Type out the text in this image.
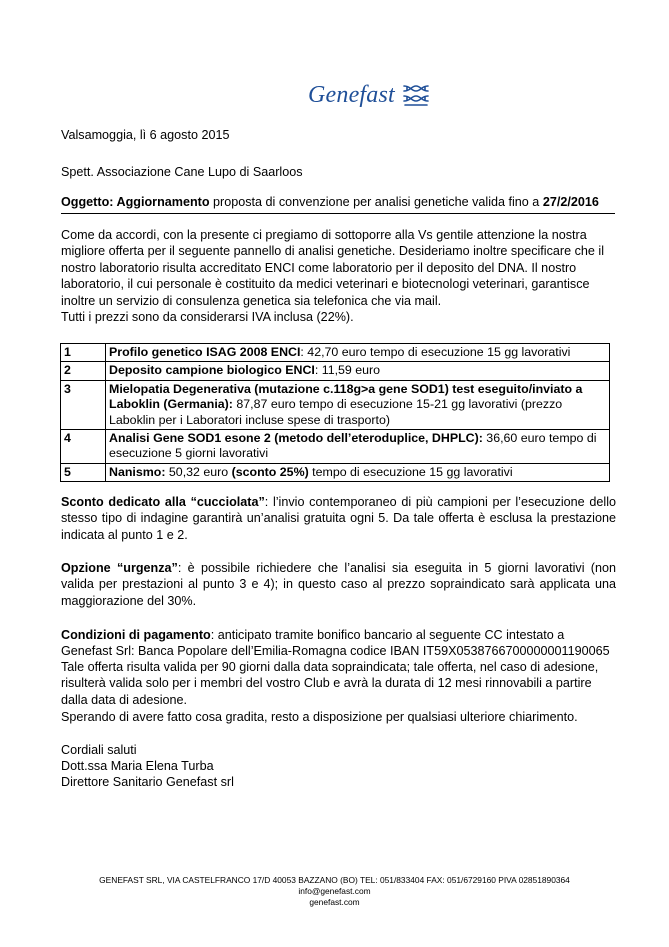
Genefast
Valsamoggia, lì 6 agosto 2015
Spett. Associazione Cane Lupo di Saarloos
Oggetto: Aggiornamento proposta di convenzione per analisi genetiche valida fino a 27/2/2016
Come da accordi, con la presente ci pregiamo di sottoporre alla Vs gentile attenzione la nostra migliore offerta per il seguente pannello di analisi genetiche. Desideriamo inoltre specificare che il nostro laboratorio risulta accreditato ENCI come laboratorio per il deposito del DNA. Il nostro laboratorio, il cui personale è costituito da medici veterinari e biotecnologi veterinari, garantisce inoltre un servizio di consulenza genetica sia telefonica che via mail.
Tutti i prezzi sono da considerarsi IVA inclusa (22%).
1	Profilo genetico ISAG 2008 ENCI: 42,70 euro tempo di esecuzione 15 gg lavorativi
2	Deposito campione biologico ENCI: 11,59 euro
3	Mielopatia Degenerativa (mutazione c.118g>a gene SOD1) test eseguito/inviato a Laboklin (Germania): 87,87 euro tempo di esecuzione 15-21 gg lavorativi (prezzo Laboklin per i Laboratori incluse spese di trasporto)
4	Analisi Gene SOD1 esone 2 (metodo dell’eteroduplice, DHPLC): 36,60 euro tempo di esecuzione 5 giorni lavorativi
5	Nanismo: 50,32 euro (sconto 25%) tempo di esecuzione 15 gg lavorativi
Sconto dedicato alla “cucciolata”: l’invio contemporaneo di più campioni per l’esecuzione dello stesso tipo di indagine garantirà un’analisi gratuita ogni 5. Da tale offerta è esclusa la prestazione indicata al punto 1 e 2.
Opzione “urgenza”: è possibile richiedere che l’analisi sia eseguita in 5 giorni lavorativi (non valida per prestazioni al punto 3 e 4); in questo caso al prezzo sopraindicato sarà applicata una maggiorazione del 30%.
Condizioni di pagamento: anticipato tramite bonifico bancario al seguente CC intestato a Genefast Srl: Banca Popolare dell’Emilia-Romagna codice IBAN IT59X0538766700000001190065
Tale offerta risulta valida per 90 giorni dalla data sopraindicata; tale offerta, nel caso di adesione, risulterà valida solo per i membri del vostro Club e avrà la durata di 12 mesi rinnovabili a partire dalla data di adesione.
Sperando di avere fatto cosa gradita, resto a disposizione per qualsiasi ulteriore chiarimento.
Cordiali saluti
Dott.ssa Maria Elena Turba
Direttore Sanitario Genefast srl
GENEFAST SRL, VIA CASTELFRANCO 17/D 40053 BAZZANO (BO) TEL: 051/833404 FAX: 051/6729160 PIVA 02851890364
info@genefast.com
genefast.com
